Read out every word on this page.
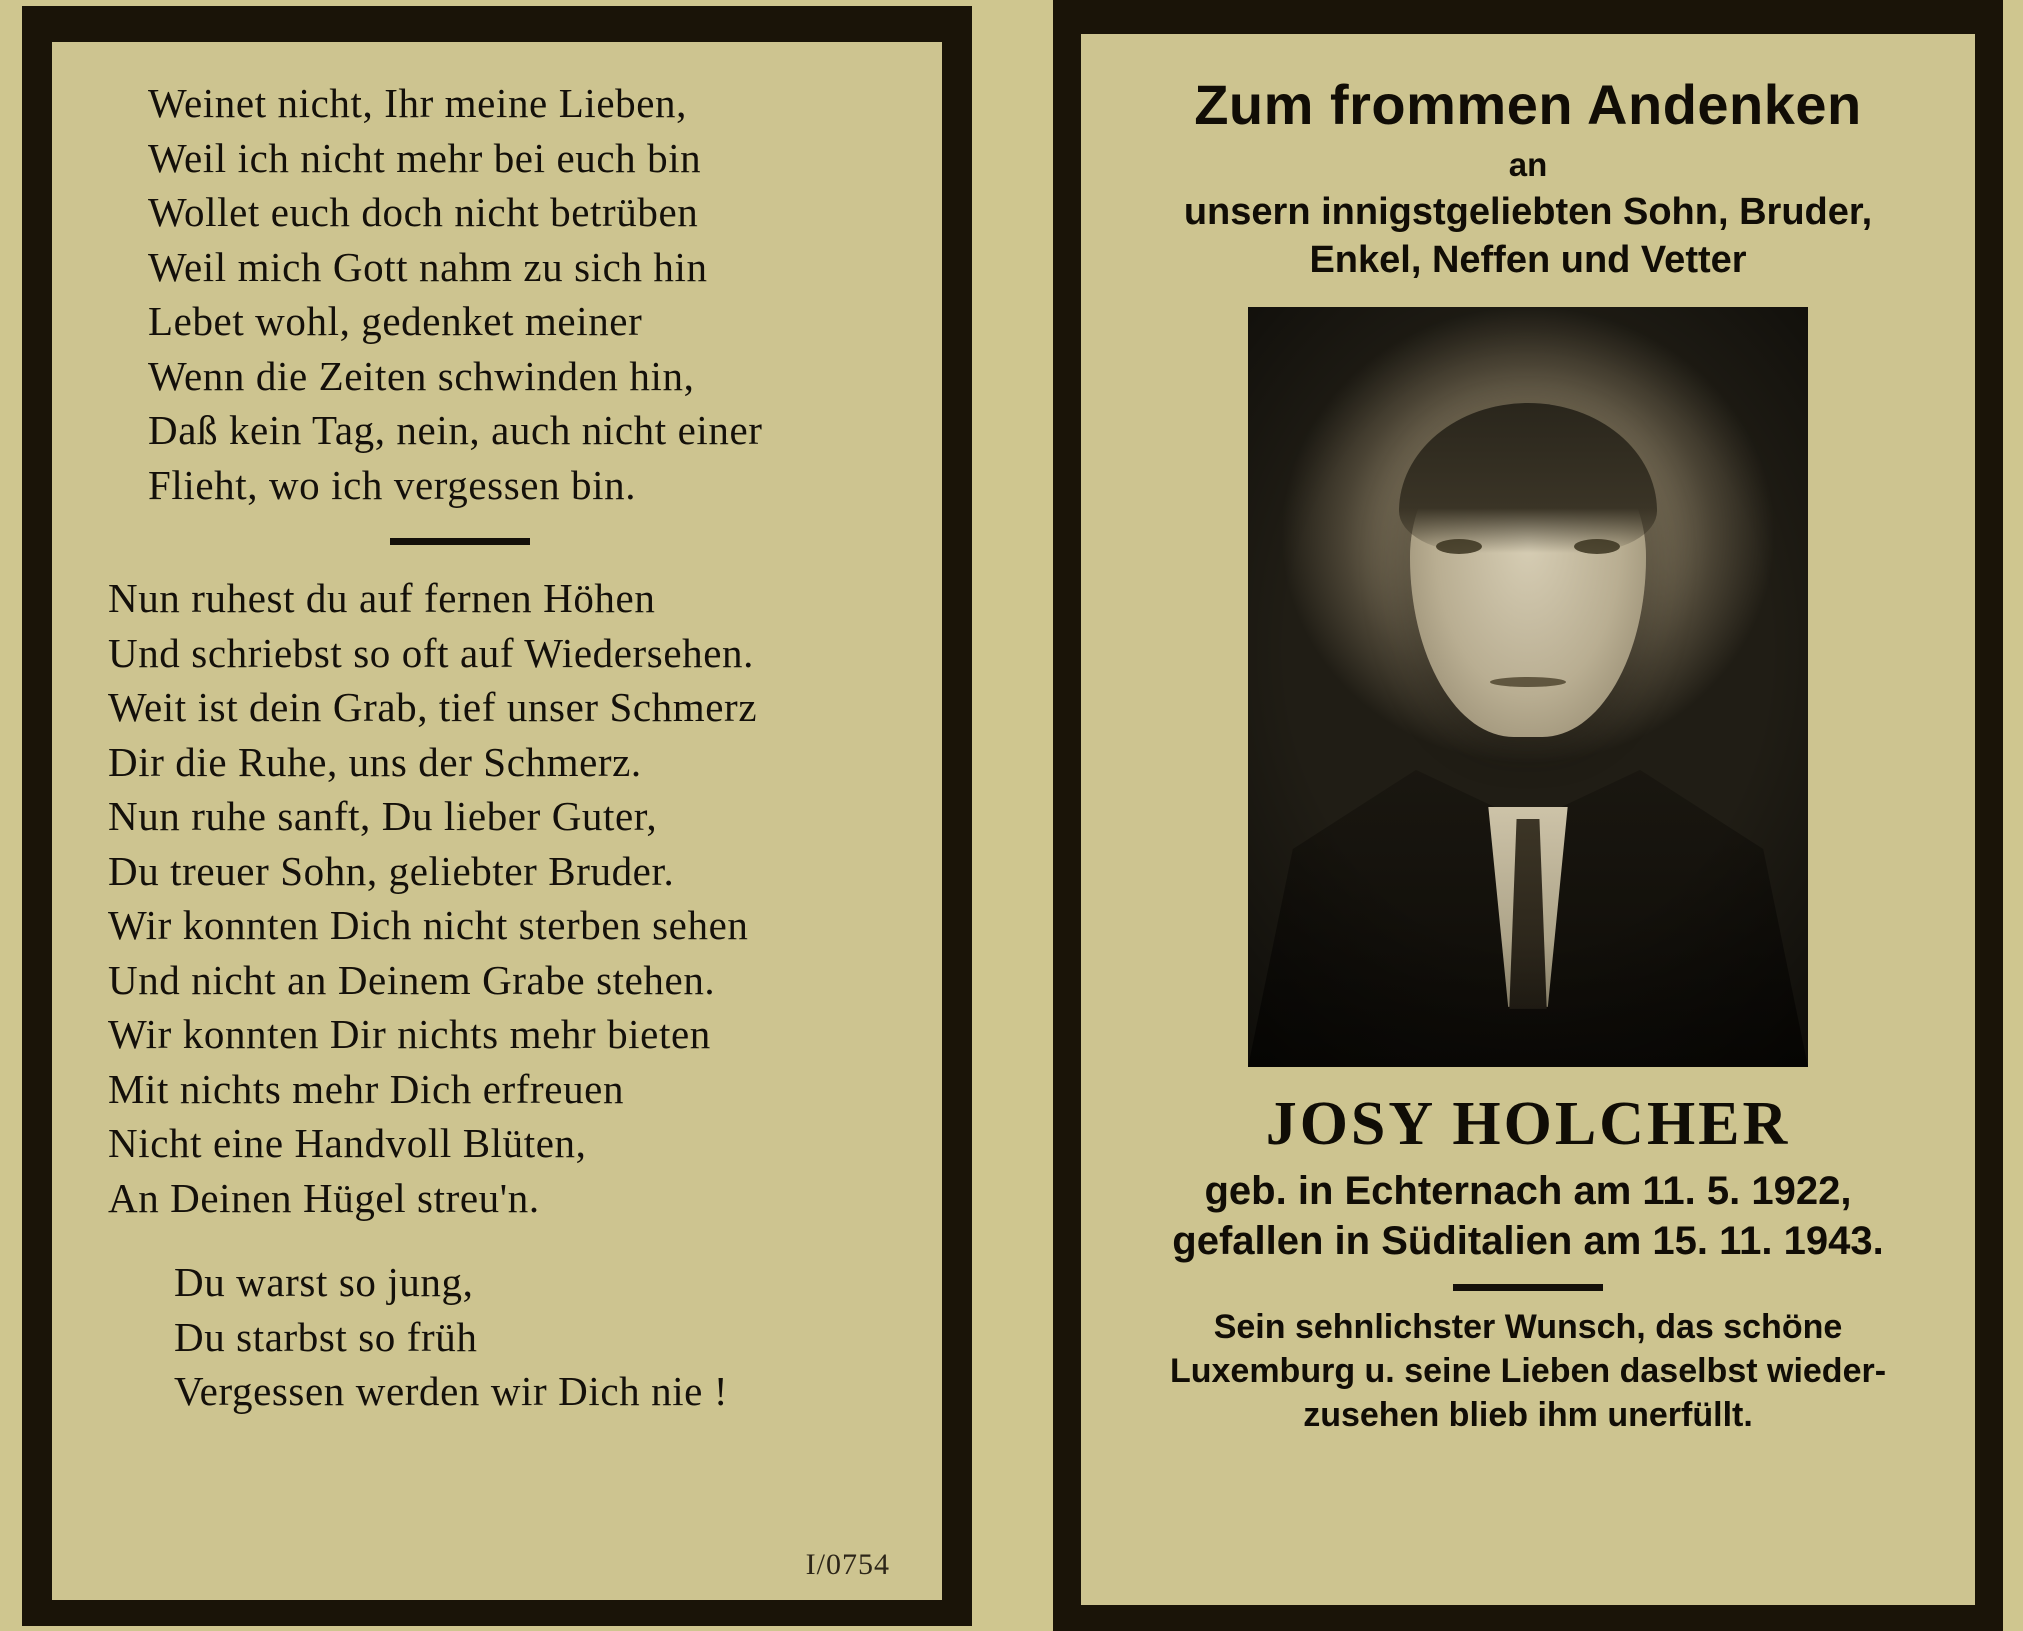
Weinet nicht, Ihr meine Lieben,
Weil ich nicht mehr bei euch bin
Wollet euch doch nicht betrüben
Weil mich Gott nahm zu sich hin
Lebet wohl, gedenket meiner
Wenn die Zeiten schwinden hin,
Daß kein Tag, nein, auch nicht einer
Flieht, wo ich vergessen bin.
Nun ruhest du auf fernen Höhen
Und schriebst so oft auf Wiedersehen.
Weit ist dein Grab, tief unser Schmerz
Dir die Ruhe, uns der Schmerz.
Nun ruhe sanft, Du lieber Guter,
Du treuer Sohn, geliebter Bruder.
Wir konnten Dich nicht sterben sehen
Und nicht an Deinem Grabe stehen.
Wir konnten Dir nichts mehr bieten
Mit nichts mehr Dich erfreuen
Nicht eine Handvoll Blüten,
An Deinen Hügel streu'n.
Du warst so jung,
Du starbst so früh
Vergessen werden wir Dich nie !
I/0754
Zum frommen Andenken
an
unsern innigstgeliebten Sohn, Bruder,
Enkel, Neffen und Vetter
JOSY HOLCHER
geb. in Echternach am 11. 5. 1922,
gefallen in Süditalien am 15. 11. 1943.
Sein sehnlichster Wunsch, das schöne
Luxemburg u. seine Lieben daselbst wieder-
zusehen blieb ihm unerfüllt.
